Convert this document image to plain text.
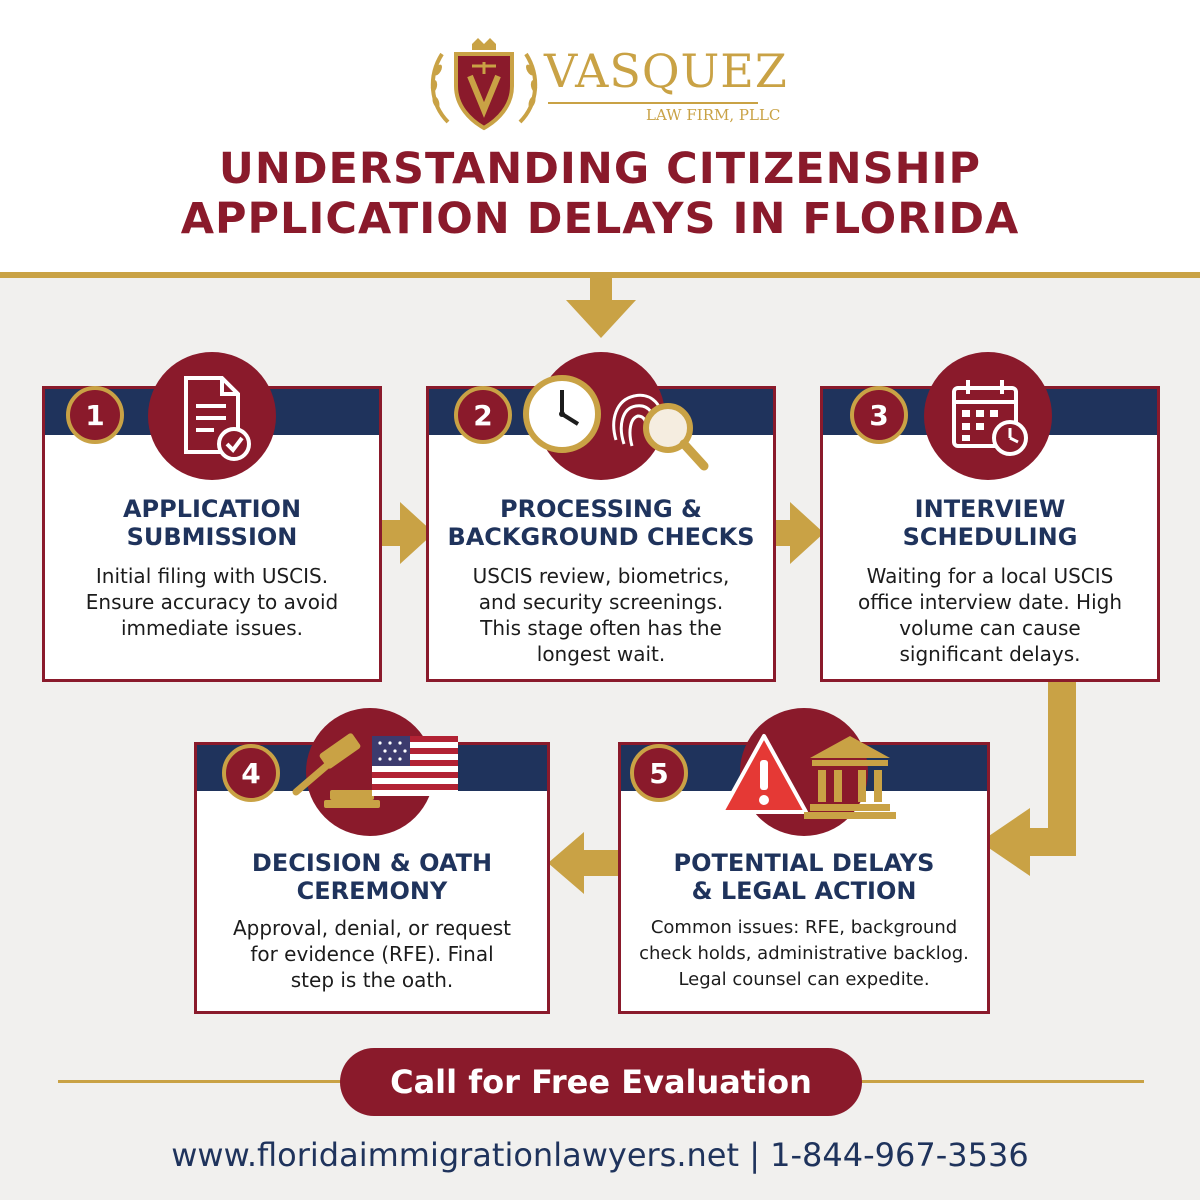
VASQUEZ
LAW FIRM, PLLC
UNDERSTANDING CITIZENSHIP
APPLICATION DELAYS IN FLORIDA
APPLICATION
SUBMISSION
Initial filing with USCIS.
Ensure accuracy to avoid
immediate issues.
1
PROCESSING &
BACKGROUND CHECKS
USCIS review, biometrics,
and security screenings.
This stage often has the
longest wait.
2
INTERVIEW
SCHEDULING
Waiting for a local USCIS
office interview date. High
volume can cause
significant delays.
3
DECISION & OATH
CEREMONY
Approval, denial, or request
for evidence (RFE). Final
step is the oath.
4
POTENTIAL DELAYS
& LEGAL ACTION
Common issues: RFE, background
check holds, administrative backlog.
Legal counsel can expedite.
5
Call for Free Evaluation
www.floridaimmigrationlawyers.net | 1-844-967-3536
